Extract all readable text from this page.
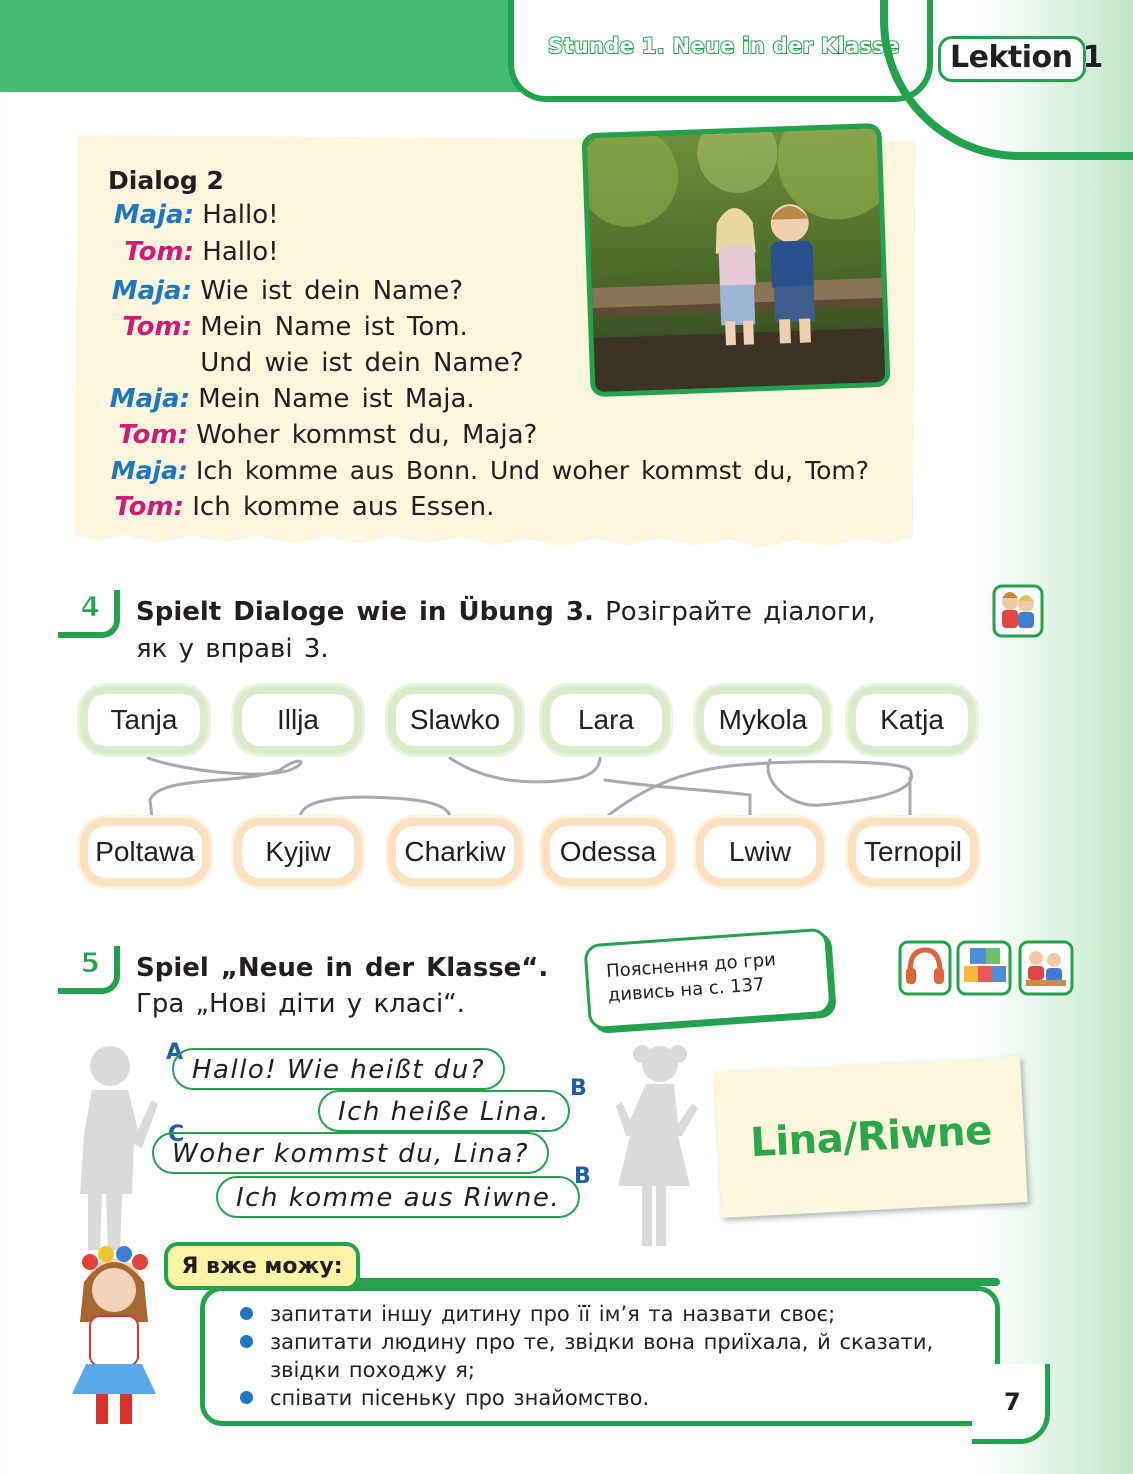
Stunde 1. Neue in der Klasse Lektion 1
Dialog 2
Maja: Hallo!
Tom: Hallo!
Maja: Wie ist dein Name?
Tom: Mein Name ist Tom.
Und wie ist dein Name?
Maja: Mein Name ist Maja.
Tom: Woher kommst du, Maja?
Maja: Ich komme aus Bonn. Und woher kommst du, Tom?
Tom: Ich komme aus Essen.
4 Spielt Dialoge wie in Übung 3. Розіграйте діалоги,
як у вправі 3.
Tanja	Illja	Slawko	Lara	Mykola	Katja
Poltawa	Kyjiw	Charkiw	Odessa	Lwiw	Ternopil
5 Spiel „Neue in der Klasse“.
Гра „Нові діти у класі“.
Пояснення до гри
дивись на с. 137
A
Hallo! Wie heißt du?
B
Ich heiße Lina.
C
Woher kommst du, Lina?
B
Ich komme aus Riwne.
Lina/Riwne
Я вже можу:
запитати іншу дитину про її ім’я та назвати своє;
запитати людину про те, звідки вона приїхала, й сказати, звідки походжу я;
співати пісеньку про знайомство.	7
